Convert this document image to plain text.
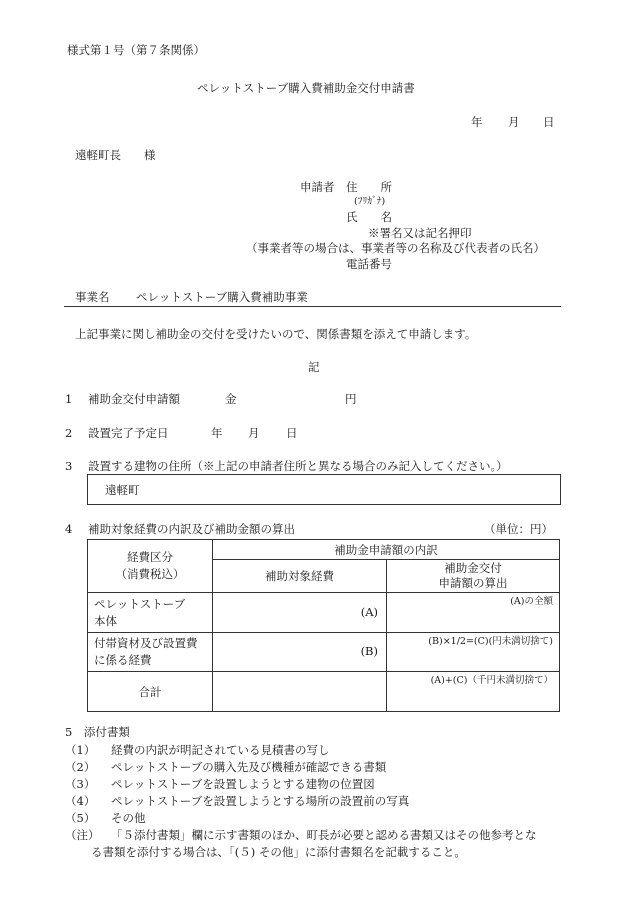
様式第１号（第７条関係）
ペレットストーブ購入費補助金交付申請書
年 月 日
遠軽町長　　様
申請者 住　　所
(ﾌﾘｶﾞﾅ)
氏　　名
※署名又は記名押印
（事業者等の場合は、事業者等の名称及び代表者の氏名）
電話番号
事業名 ペレットストーブ購入費補助事業
上記事業に関し補助金の交付を受けたいので、関係書類を添えて申請します。
記
1 補助金交付申請額	金	円
2 設置完了予定日	年 月 日
3 設置する建物の住所（※上記の申請者住所と異なる場合のみ記入してください。）
遠軽町
4 補助対象経費の内訳及び補助金額の算出	（単位：円）
経費区分
（消費税込）	補助金申請額の内訳	
	補助対象経費	補助金交付
申請額の算出

ペレットストーブ
本体	(A)	(A)の全額

付帯資材及び設置費
に係る経費	(B)	(B)×1/2=(C)(円未満切捨て)

合計		(A)+(C)（千円未満切捨て）
5　添付書類
（1） 経費の内訳が明記されている見積書の写し
（2） ペレットストーブの購入先及び機種が確認できる書類
（3） ペレットストーブを設置しようとする建物の位置図
（4） ペレットストーブを設置しようとする場所の設置前の写真
（5） その他
（注） 「５添付書類」欄に示す書類のほか、町長が必要と認める書類又はその他参考とな
る書類を添付する場合は、「(５) その他」に添付書類名を記載すること。
